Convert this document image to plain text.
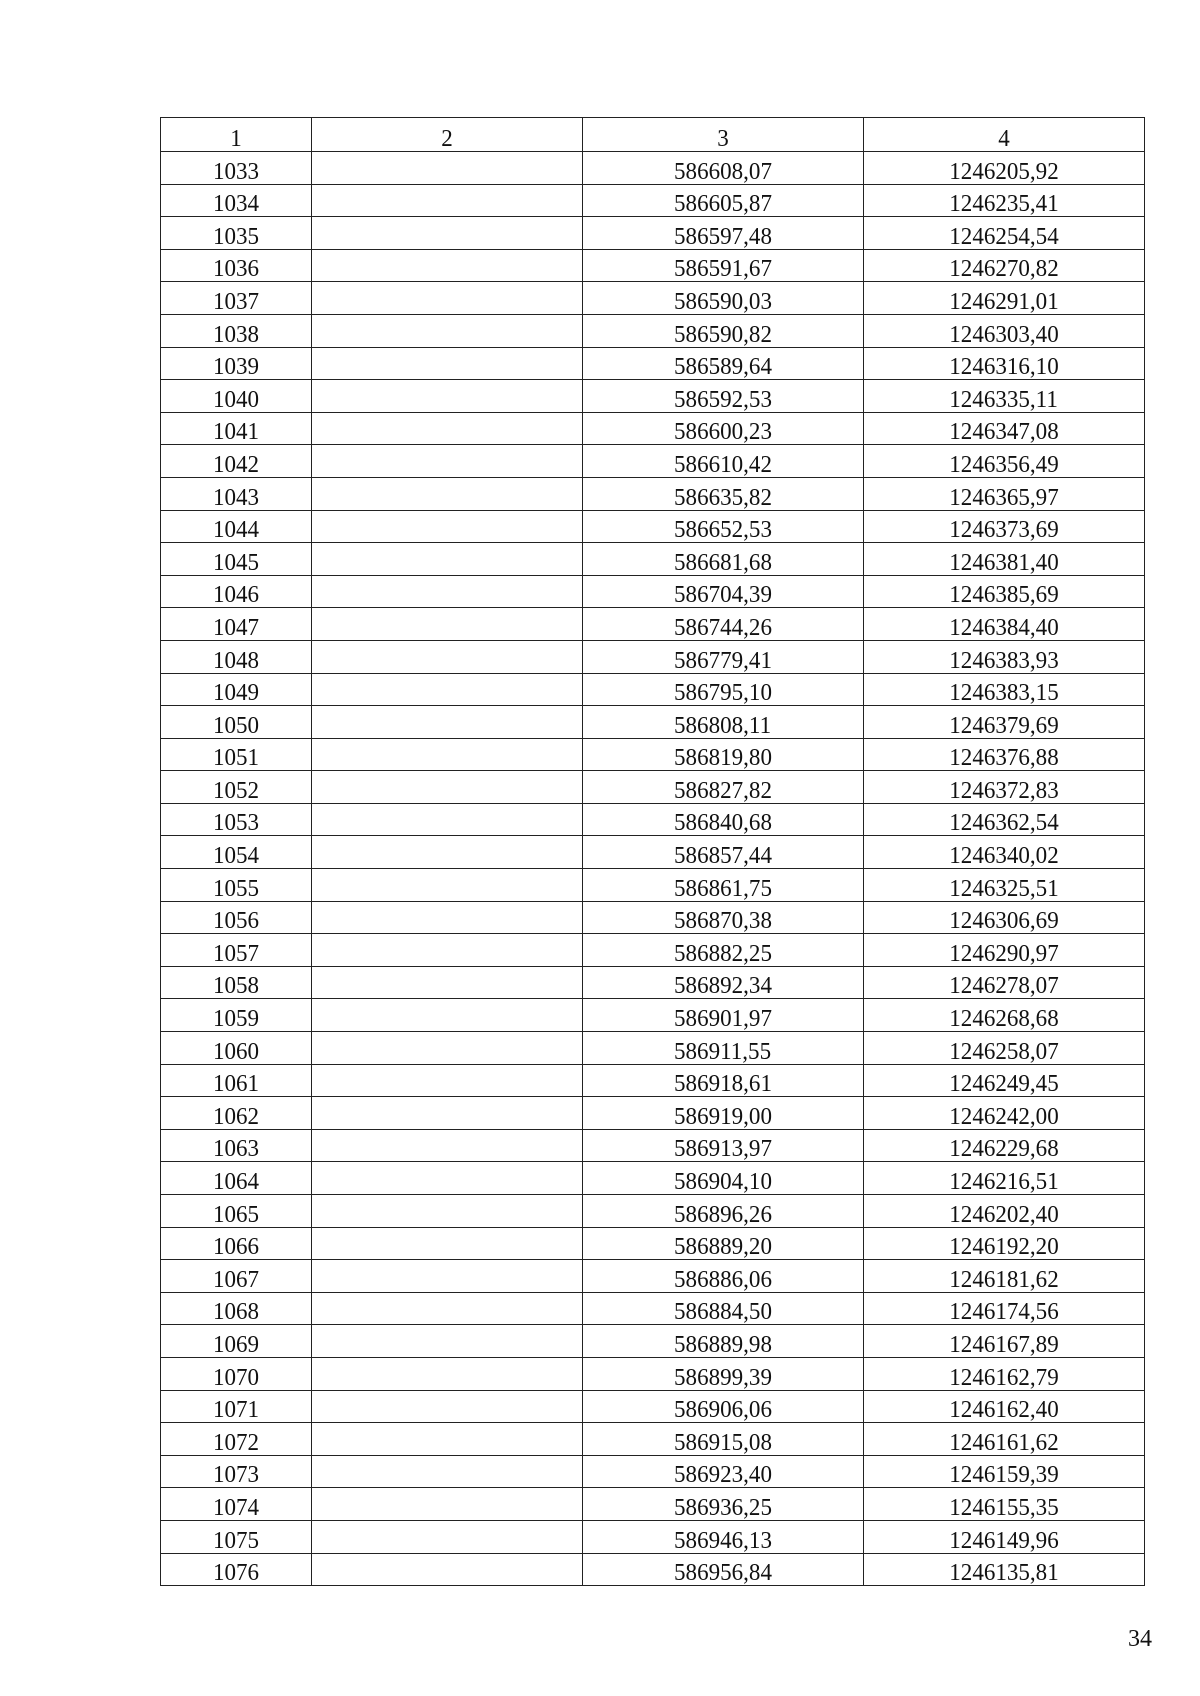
1	2	3	4
1033		586608,07	1246205,92
1034		586605,87	1246235,41
1035		586597,48	1246254,54
1036		586591,67	1246270,82
1037		586590,03	1246291,01
1038		586590,82	1246303,40
1039		586589,64	1246316,10
1040		586592,53	1246335,11
1041		586600,23	1246347,08
1042		586610,42	1246356,49
1043		586635,82	1246365,97
1044		586652,53	1246373,69
1045		586681,68	1246381,40
1046		586704,39	1246385,69
1047		586744,26	1246384,40
1048		586779,41	1246383,93
1049		586795,10	1246383,15
1050		586808,11	1246379,69
1051		586819,80	1246376,88
1052		586827,82	1246372,83
1053		586840,68	1246362,54
1054		586857,44	1246340,02
1055		586861,75	1246325,51
1056		586870,38	1246306,69
1057		586882,25	1246290,97
1058		586892,34	1246278,07
1059		586901,97	1246268,68
1060		586911,55	1246258,07
1061		586918,61	1246249,45
1062		586919,00	1246242,00
1063		586913,97	1246229,68
1064		586904,10	1246216,51
1065		586896,26	1246202,40
1066		586889,20	1246192,20
1067		586886,06	1246181,62
1068		586884,50	1246174,56
1069		586889,98	1246167,89
1070		586899,39	1246162,79
1071		586906,06	1246162,40
1072		586915,08	1246161,62
1073		586923,40	1246159,39
1074		586936,25	1246155,35
1075		586946,13	1246149,96
1076		586956,84	1246135,81
34
